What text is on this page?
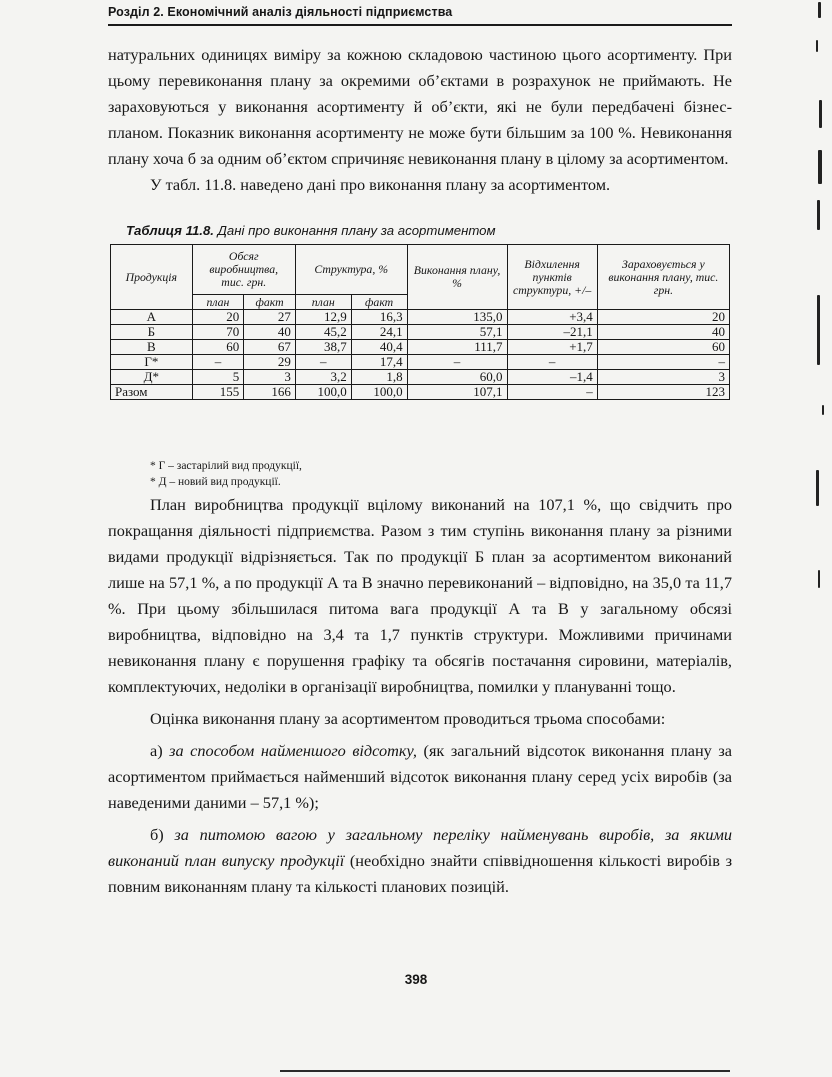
Розділ 2. Економічний аналіз діяльності підприємства

натуральних одиницях виміру за кожною складовою частиною цього асортименту. При цьому перевиконання плану за окремими об’єктами в розрахунок не приймають. Не зараховуються у виконання асортименту й об’єкти, які не були передбачені бізнес-планом. Показник виконання асортименту не може бути більшим за 100 %. Невиконання плану хоча б за одним об’єктом спричиняє невиконання плану в цілому за асортиментом.

У табл. 11.8. наведено дані про виконання плану за асортиментом.

Таблиця 11.8. Дані про виконання плану за асортиментом
Продукція	Обсяг виробництва, тис. грн.		Структура, %		Виконання плану, %	Відхилення пунктів структури, +/–	Зараховується у виконання плану, тис. грн.
	план	факт	план	факт			
А	20	27	12,9	16,3	135,0	+3,4	20
Б	70	40	45,2	24,1	57,1	–21,1	40
В	60	67	38,7	40,4	111,7	+1,7	60
Г*	–	29	–	17,4	–	–	–
Д*	5	3	3,2	1,8	60,0	–1,4	3
Разом	155	166	100,0	100,0	107,1	–	123
* Г – застарілий вид продукції,
* Д – новий вид продукції.

План виробництва продукції вцілому виконаний на 107,1 %, що свідчить про покращання діяльності підприємства. Разом з тим ступінь виконання плану за різними видами продукції відрізняється. Так по продукції Б план за асортиментом виконаний лише на 57,1 %, а по продукції А та В значно перевиконаний – відповідно, на 35,0 та 11,7 %. При цьому збільшилася питома вага продукції А та В у загальному обсязі виробництва, відповідно на 3,4 та 1,7 пунктів структури. Можливими причинами невиконання плану є порушення графіку та обсягів постачання сировини, матеріалів, комплектуючих, недоліки в організації виробництва, помилки у плануванні тощо.

Оцінка виконання плану за асортиментом проводиться трьома способами:

а) за способом найменшого відсотку, (як загальний відсоток виконання плану за асортиментом приймається найменший відсоток виконання плану серед усіх виробів (за наведеними даними – 57,1 %);

б) за питомою вагою у загальному переліку найменувань виробів, за якими виконаний план випуску продукції (необхідно знайти співвідношення кількості виробів з повним виконанням плану та кількості планових позицій.

398
